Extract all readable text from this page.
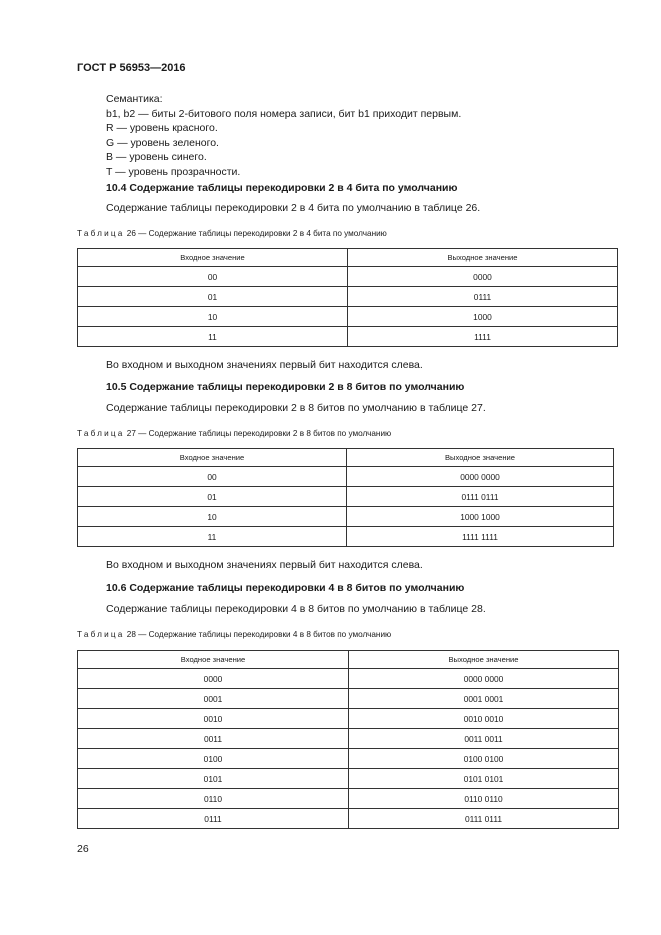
ГОСТ Р 56953—2016
Семантика:
b1, b2 — биты 2-битового поля номера записи, бит b1 приходит первым.
R — уровень красного.
G — уровень зеленого.
B — уровень синего.
T — уровень прозрачности.
10.4 Содержание таблицы перекодировки 2 в 4 бита по умолчанию
Содержание таблицы перекодировки 2 в 4 бита по умолчанию в таблице 26.
Таблица 26 — Содержание таблицы перекодировки 2 в 4 бита по умолчанию
Входное значение	Выходное значение
00	0000
01	0111
10	1000
11	1111
Во входном и выходном значениях первый бит находится слева.
10.5 Содержание таблицы перекодировки 2 в 8 битов по умолчанию
Содержание таблицы перекодировки 2 в 8 битов по умолчанию в таблице 27.
Таблица 27 — Содержание таблицы перекодировки 2 в 8 битов по умолчанию
Входное значение	Выходное значение
00	0000 0000
01	0111 0111
10	1000 1000
11	1111 1111
Во входном и выходном значениях первый бит находится слева.
10.6 Содержание таблицы перекодировки 4 в 8 битов по умолчанию
Содержание таблицы перекодировки 4 в 8 битов по умолчанию в таблице 28.
Таблица 28 — Содержание таблицы перекодировки 4 в 8 битов по умолчанию
Входное значение	Выходное значение
0000	0000 0000
0001	0001 0001
0010	0010 0010
0011	0011 0011
0100	0100 0100
0101	0101 0101
0110	0110 0110
0111	0111 0111
26
